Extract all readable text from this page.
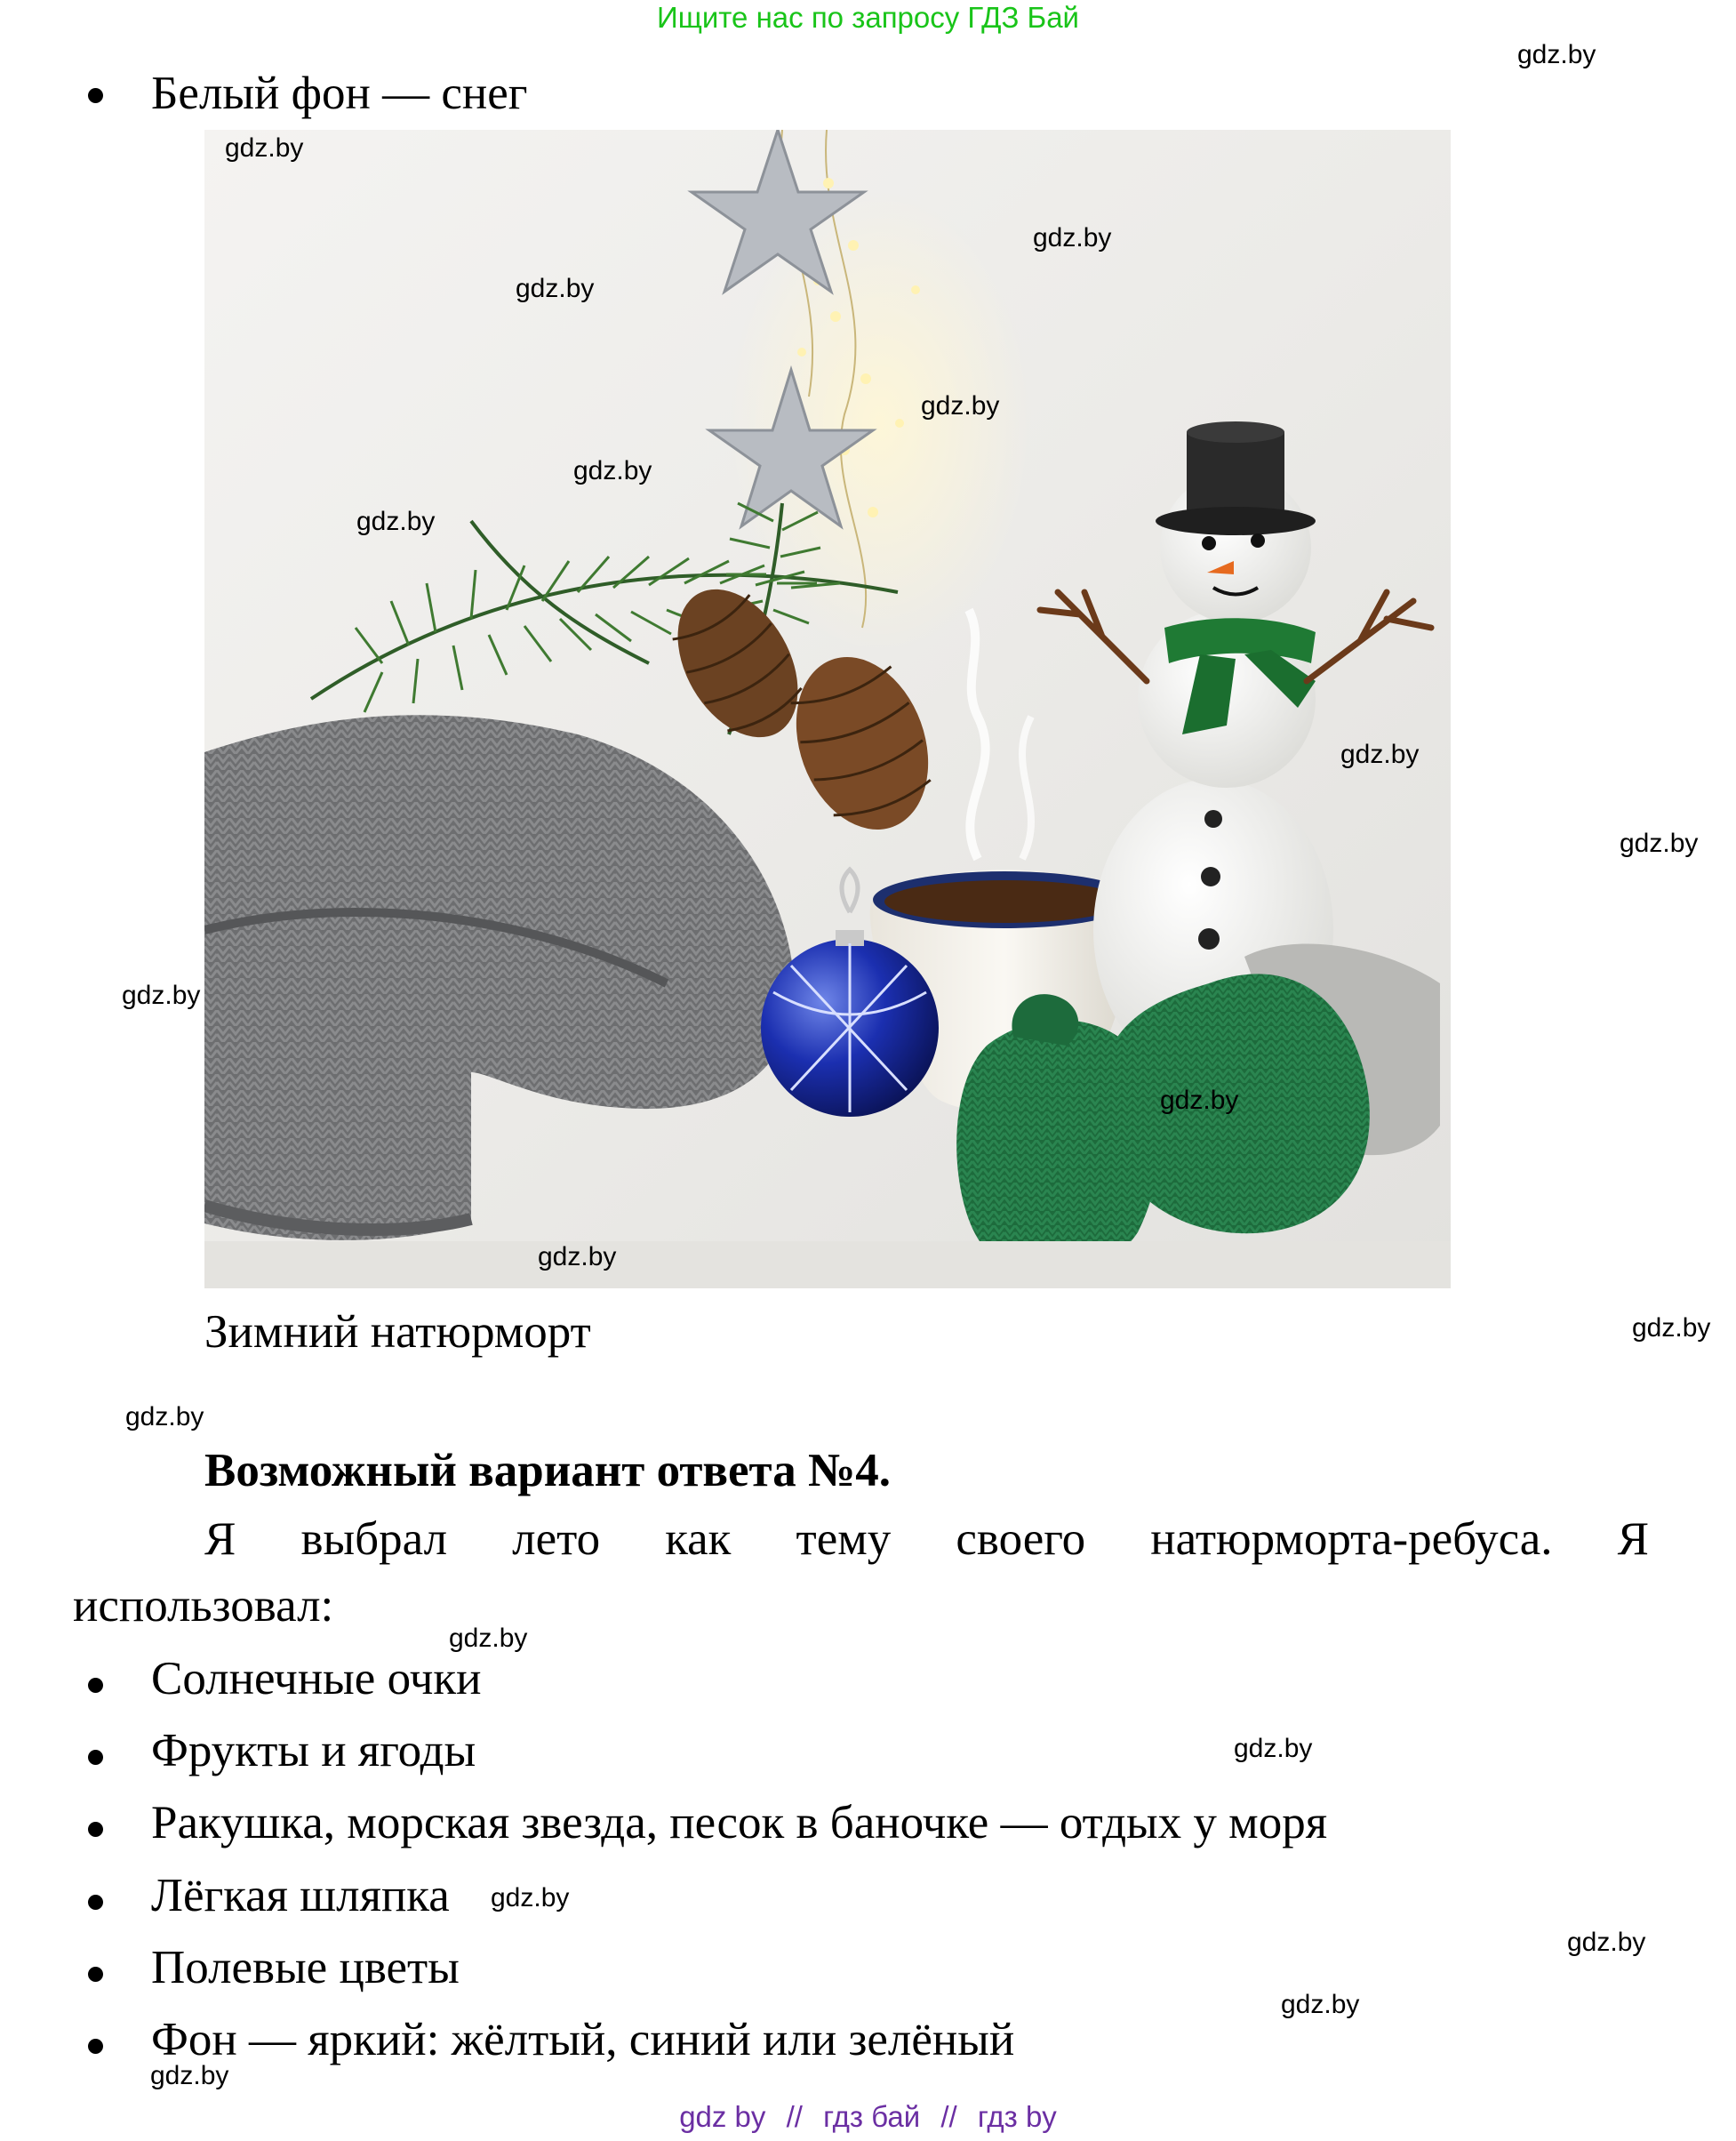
Ищите нас по запросу ГДЗ Бай
Белый фон — снег
Зимний натюрморт
Возможный вариант ответа №4.
Я выбрал лето как тему своего натюрморта-ребуса. Я
использовал:
Солнечные очки
Фрукты и ягоды
Ракушка, морская звезда, песок в баночке — отдых у моря
Лёгкая шляпка
Полевые цветы
Фон — яркий: жёлтый, синий или зелёный
gdz.by
gdz.by
gdz.by
gdz.by
gdz.by
gdz.by
gdz.by
gdz.by
gdz.by
gdz.by
gdz.by
gdz.by
gdz.by
gdz.by
gdz.by
gdz.by
gdz.by
gdz.by
gdz.by
gdz.by
gdz by // гдз бай // гдз by
